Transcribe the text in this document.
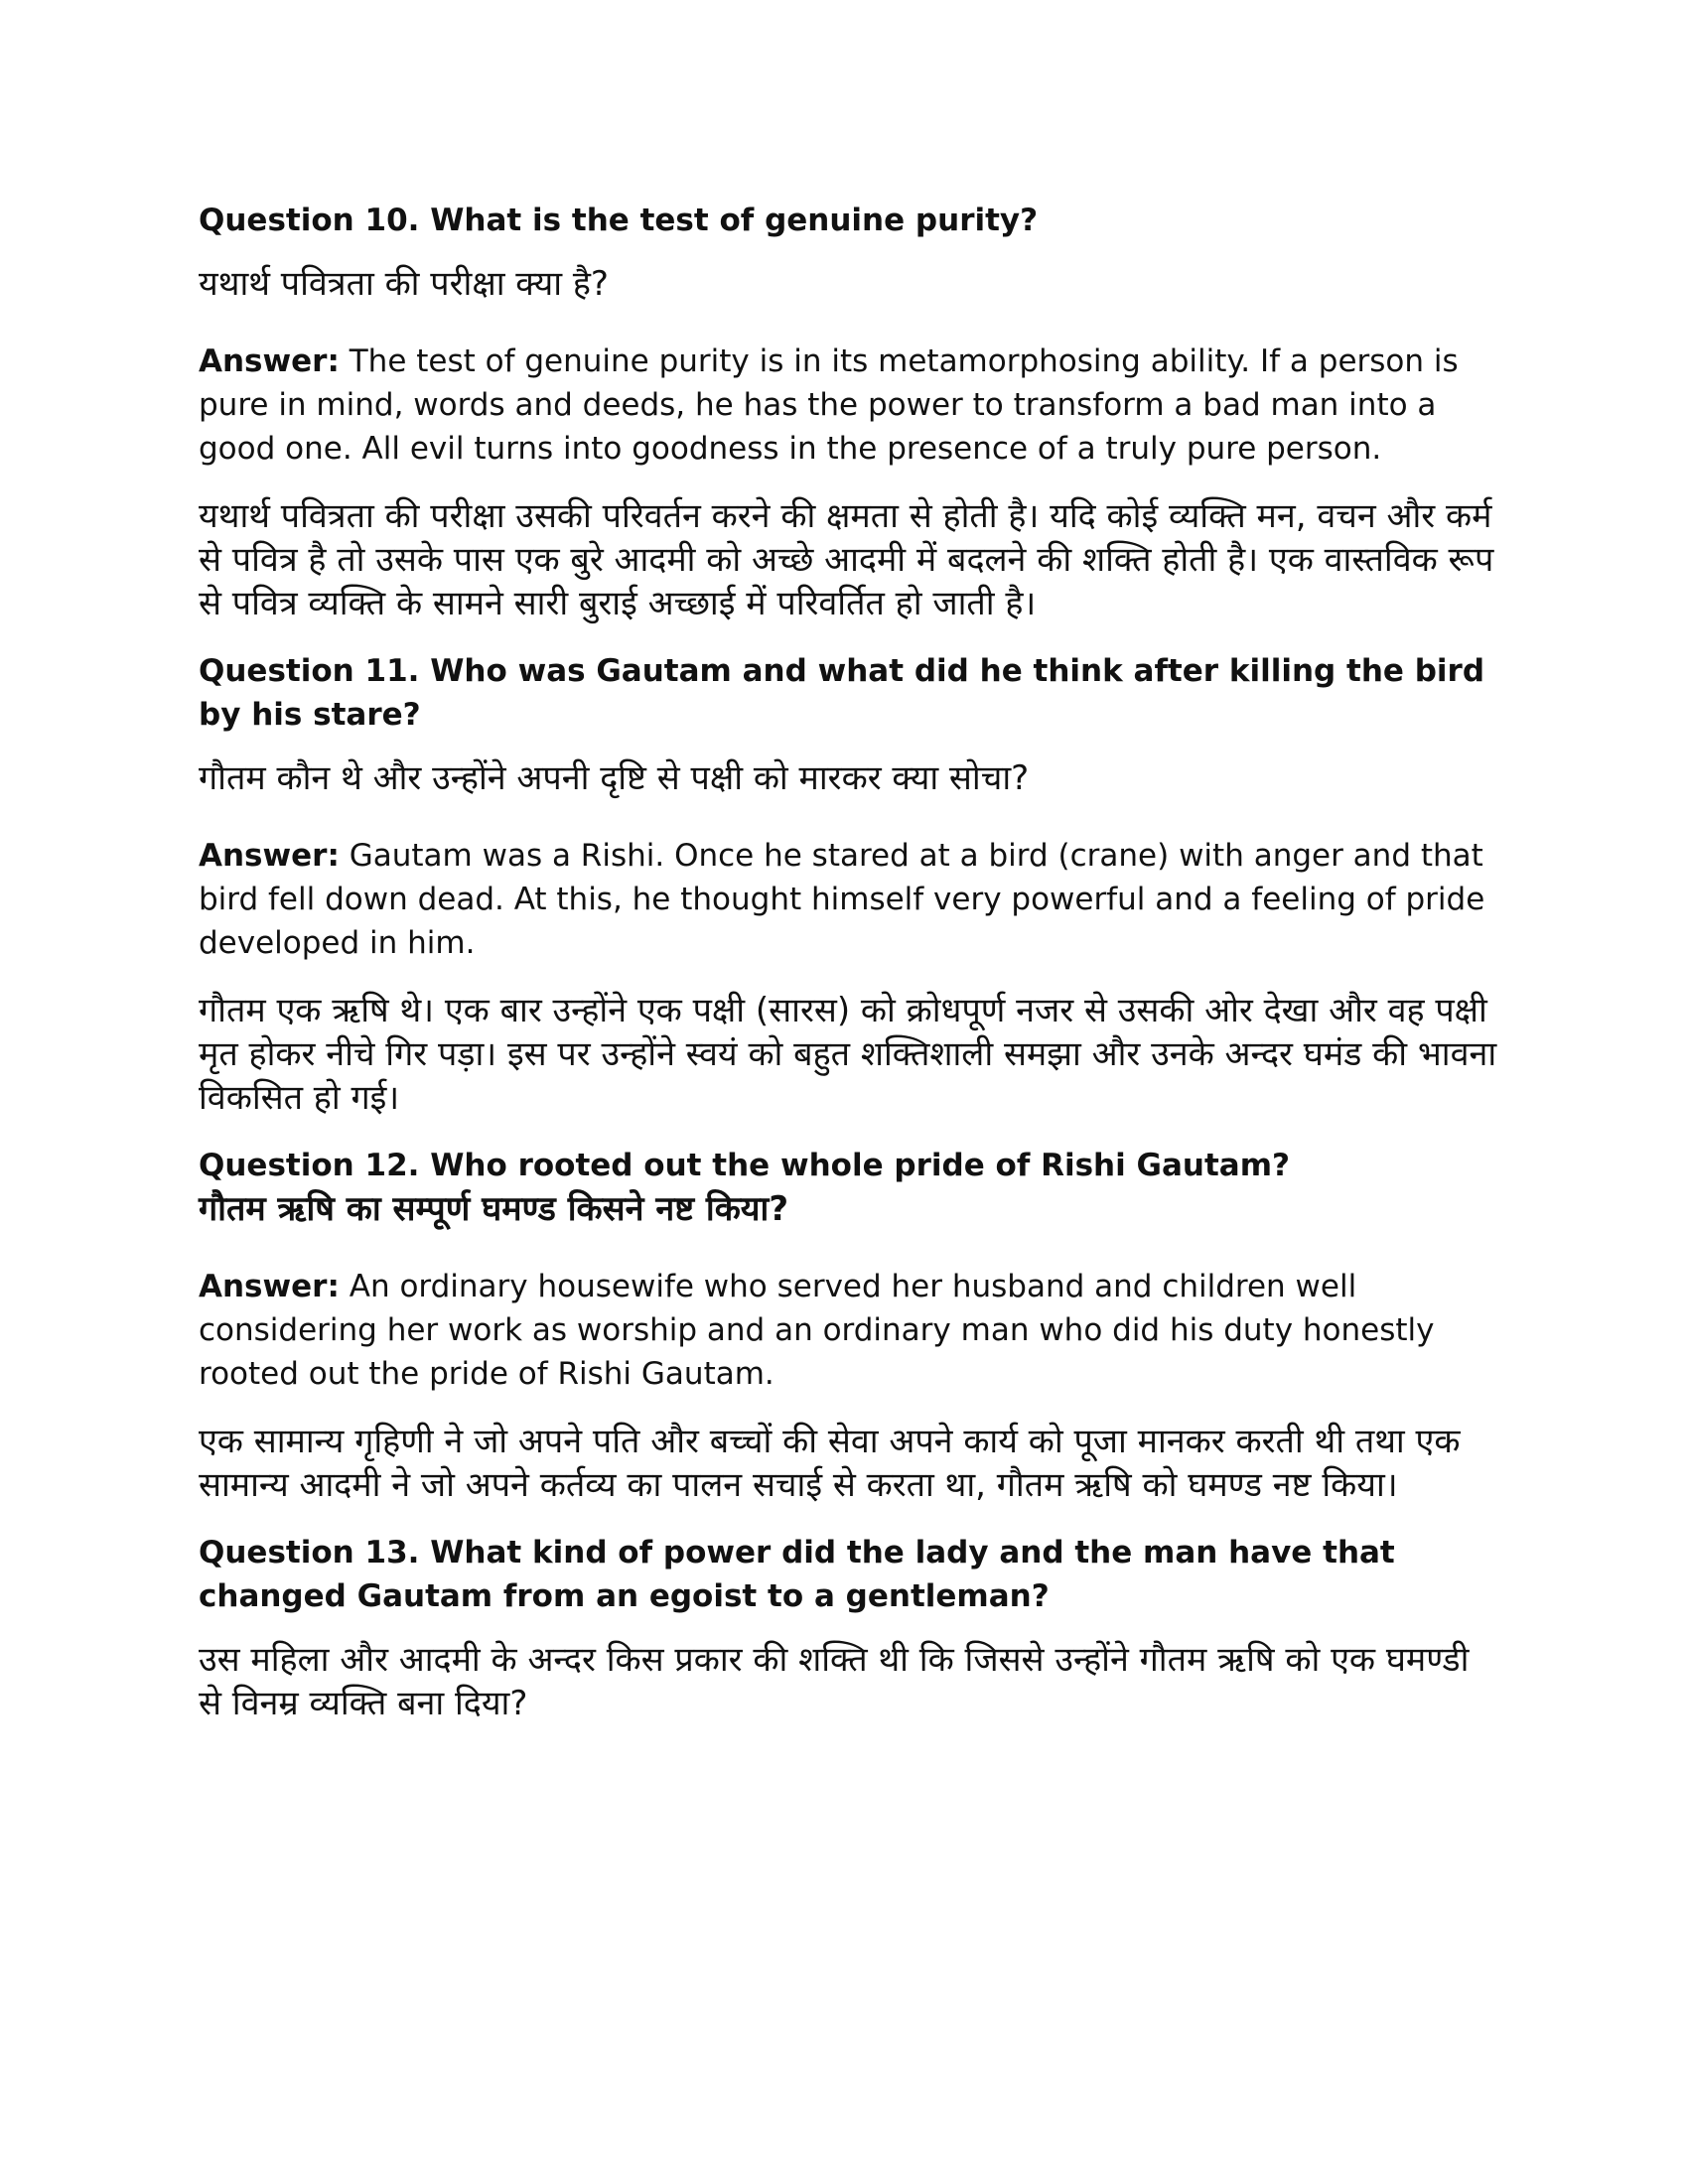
Question 10. What is the test of genuine purity?

यथार्थ पवित्रता की परीक्षा क्या है?

Answer: The test of genuine purity is in its metamorphosing ability. If a person is pure in mind, words and deeds, he has the power to transform a bad man into a good one. All evil turns into goodness in the presence of a truly pure person.

यथार्थ पवित्रता की परीक्षा उसकी परिवर्तन करने की क्षमता से होती है। यदि कोई व्यक्ति मन, वचन और कर्म से पवित्र है तो उसके पास एक बुरे आदमी को अच्छे आदमी में बदलने की शक्ति होती है। एक वास्तविक रूप से पवित्र व्यक्ति के सामने सारी बुराई अच्छाई में परिवर्तित हो जाती है।

Question 11. Who was Gautam and what did he think after killing the bird by his stare?

गौतम कौन थे और उन्होंने अपनी दृष्टि से पक्षी को मारकर क्या सोचा?

Answer: Gautam was a Rishi. Once he stared at a bird (crane) with anger and that bird fell down dead. At this, he thought himself very powerful and a feeling of pride developed in him.

गौतम एक ऋषि थे। एक बार उन्होंने एक पक्षी (सारस) को क्रोधपूर्ण नजर से उसकी ओर देखा और वह पक्षी मृत होकर नीचे गिर पड़ा। इस पर उन्होंने स्वयं को बहुत शक्तिशाली समझा और उनके अन्दर घमंड की भावना विकसित हो गई।

Question 12. Who rooted out the whole pride of Rishi Gautam?

गौतम ऋषि का सम्पूर्ण घमण्ड किसने नष्ट किया?

Answer: An ordinary housewife who served her husband and children well considering her work as worship and an ordinary man who did his duty honestly rooted out the pride of Rishi Gautam.

एक सामान्य गृहिणी ने जो अपने पति और बच्चों की सेवा अपने कार्य को पूजा मानकर करती थी तथा एक सामान्य आदमी ने जो अपने कर्तव्य का पालन सचाई से करता था, गौतम ऋषि को घमण्ड नष्ट किया।

Question 13. What kind of power did the lady and the man have that changed Gautam from an egoist to a gentleman?

उस महिला और आदमी के अन्दर किस प्रकार की शक्ति थी कि जिससे उन्होंने गौतम ऋषि को एक घमण्डी से विनम्र व्यक्ति बना दिया?
